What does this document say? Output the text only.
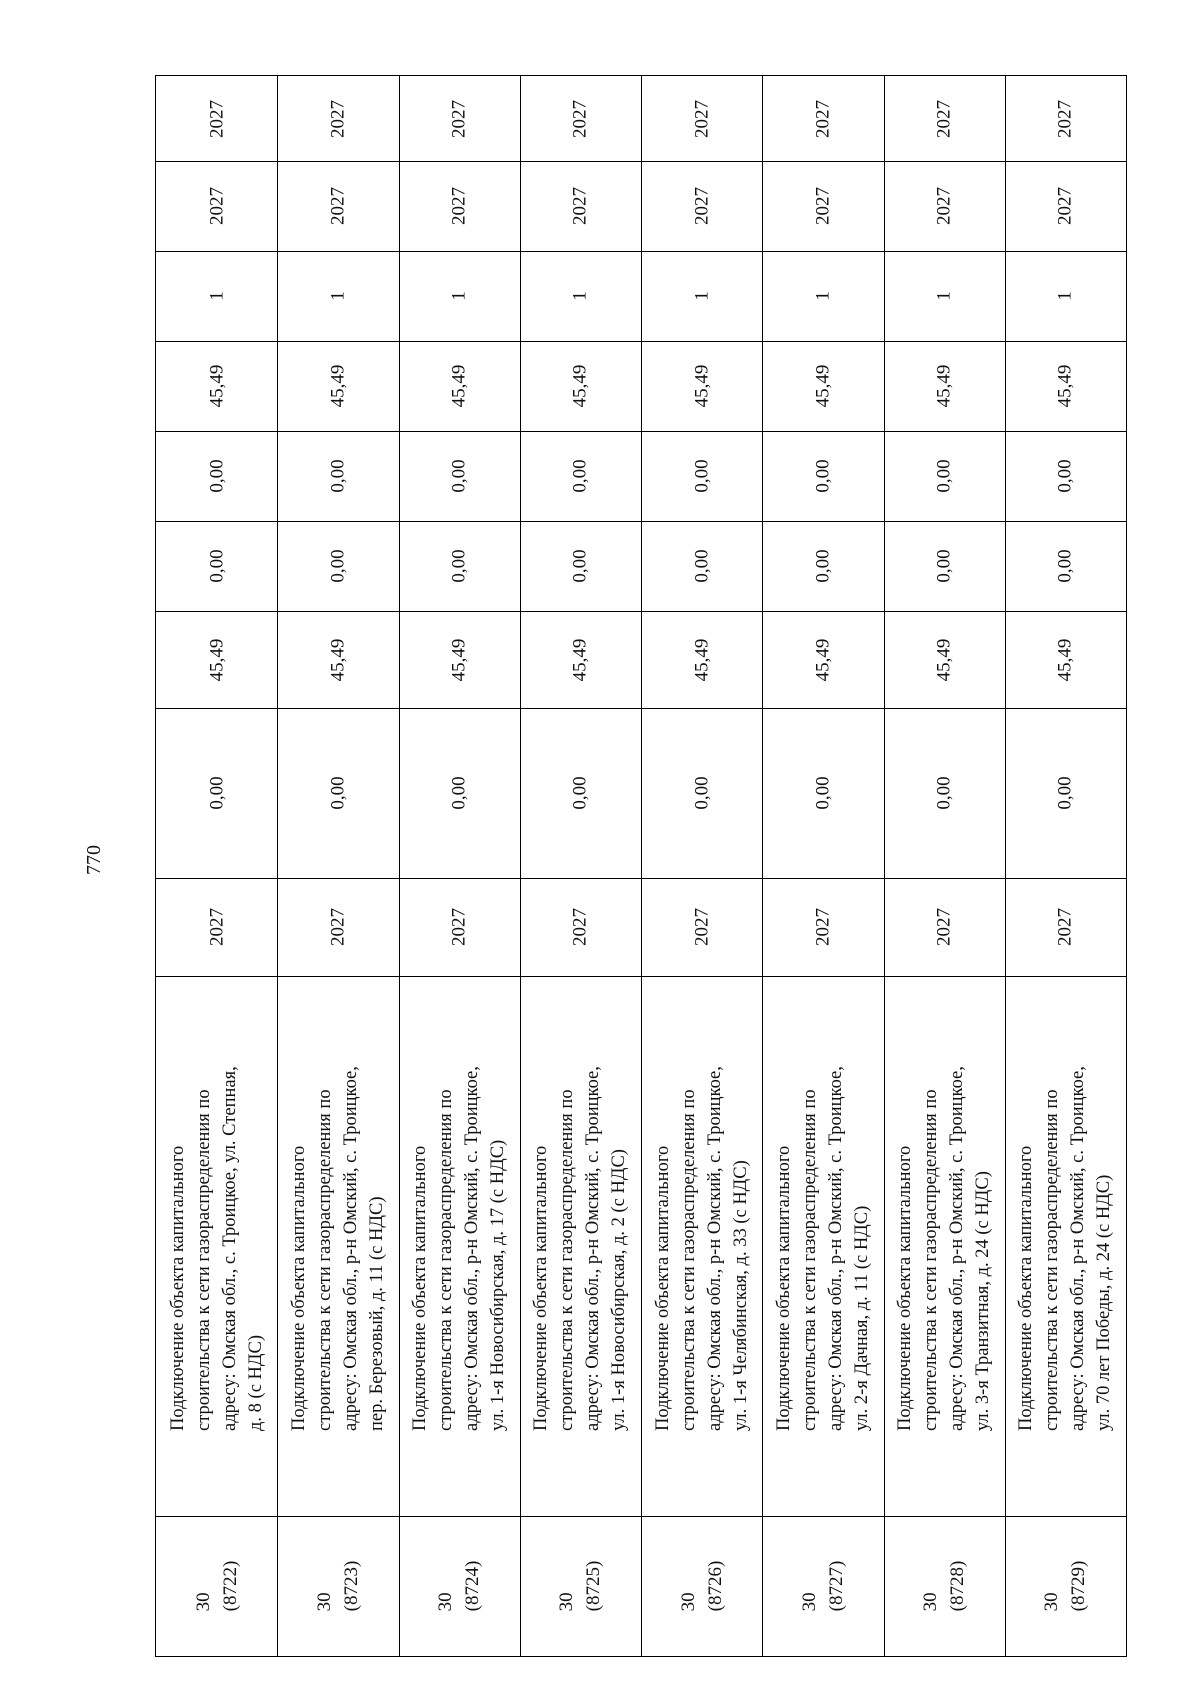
770
2027
2027
1
45,49
0,00
0,00
45,49
0,00
2027
Подключение объекта капитального строительства к сети газораспределения по адресу: Омская обл., с. Троицкое, ул. Степная, д. 8 (с НДС)
30 (8722)
2027
2027
1
45,49
0,00
0,00
45,49
0,00
2027
Подключение объекта капитального строительства к сети газораспределения по адресу: Омская обл., р-н Омский, с. Троицкое, пер. Березовый, д. 11 (с НДС)
30 (8723)
2027
2027
1
45,49
0,00
0,00
45,49
0,00
2027
Подключение объекта капитального строительства к сети газораспределения по адресу: Омская обл., р-н Омский, с. Троицкое, ул. 1-я Новосибирская, д. 17 (с НДС)
30 (8724)
2027
2027
1
45,49
0,00
0,00
45,49
0,00
2027
Подключение объекта капитального строительства к сети газораспределения по адресу: Омская обл., р-н Омский, с. Троицкое, ул. 1-я Новосибирская, д. 2 (с НДС)
30 (8725)
2027
2027
1
45,49
0,00
0,00
45,49
0,00
2027
Подключение объекта капитального строительства к сети газораспределения по адресу: Омская обл., р-н Омский, с. Троицкое, ул. 1-я Челябинская, д. 33 (с НДС)
30 (8726)
2027
2027
1
45,49
0,00
0,00
45,49
0,00
2027
Подключение объекта капитального строительства к сети газораспределения по адресу: Омская обл., р-н Омский, с. Троицкое, ул. 2-я Дачная, д. 11 (с НДС)
30 (8727)
2027
2027
1
45,49
0,00
0,00
45,49
0,00
2027
Подключение объекта капитального строительства к сети газораспределения по адресу: Омская обл., р-н Омский, с. Троицкое, ул. 3-я Транзитная, д. 24 (с НДС)
30 (8728)
2027
2027
1
45,49
0,00
0,00
45,49
0,00
2027
Подключение объекта капитального строительства к сети газораспределения по адресу: Омская обл., р-н Омский, с. Троицкое, ул. 70 лет Победы, д. 24 (с НДС)
30 (8729)
